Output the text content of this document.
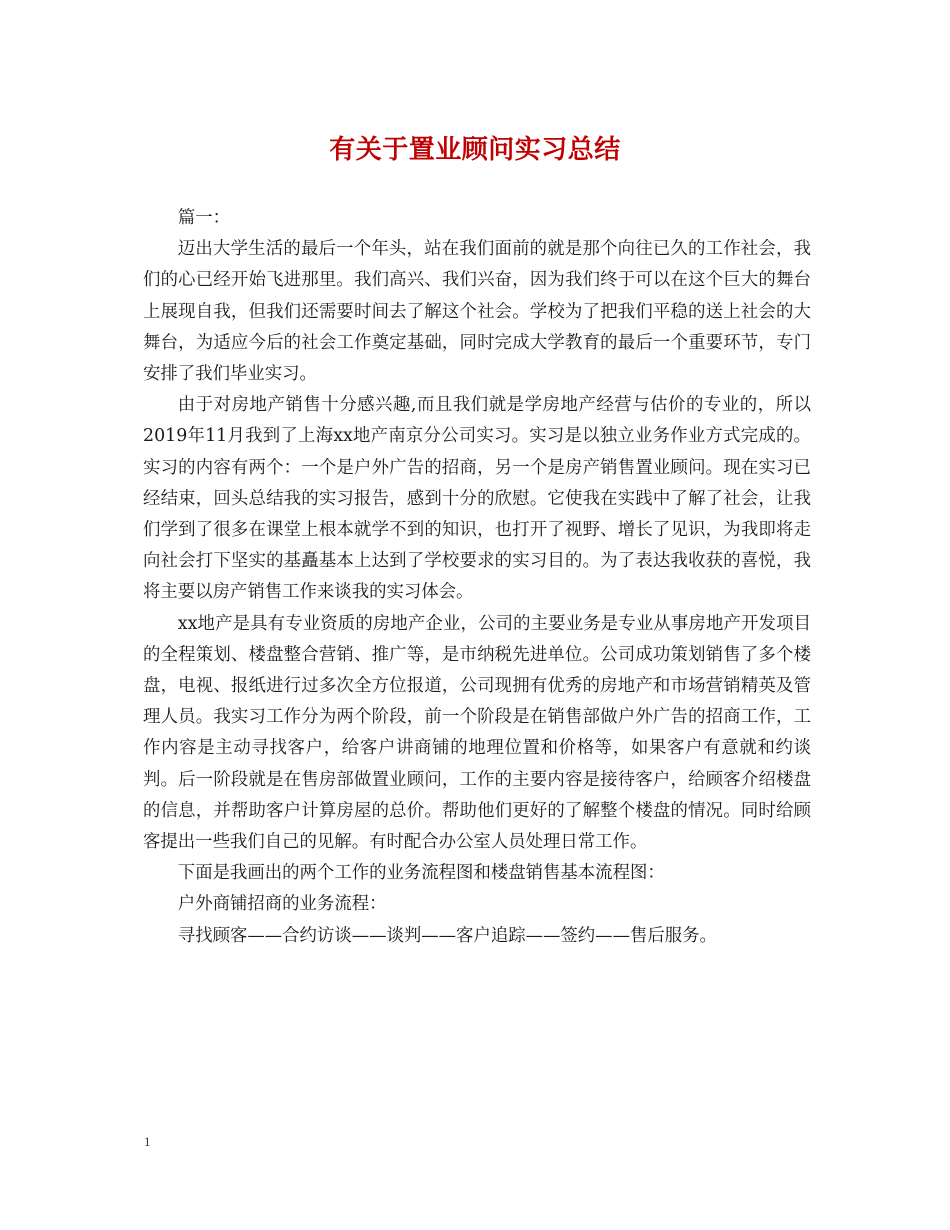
有关于置业顾问实习总结

篇一：

迈出大学生活的最后一个年头，站在我们面前的就是那个向往已久的工作社会，我们的心已经开始飞进那里。我们高兴、我们兴奋，因为我们终于可以在这个巨大的舞台上展现自我，但我们还需要时间去了解这个社会。学校为了把我们平稳的送上社会的大舞台，为适应今后的社会工作奠定基础，同时完成大学教育的最后一个重要环节，专门安排了我们毕业实习。

由于对房地产销售十分感兴趣,而且我们就是学房地产经营与估价的专业的，所以2019年11月我到了上海xx地产南京分公司实习。实习是以独立业务作业方式完成的。实习的内容有两个：一个是户外广告的招商，另一个是房产销售置业顾问。现在实习已经结束，回头总结我的实习报告，感到十分的欣慰。它使我在实践中了解了社会，让我们学到了很多在课堂上根本就学不到的知识，也打开了视野、增长了见识，为我即将走向社会打下坚实的基矗基本上达到了学校要求的实习目的。为了表达我收获的喜悦，我将主要以房产销售工作来谈我的实习体会。

xx地产是具有专业资质的房地产企业，公司的主要业务是专业从事房地产开发项目的全程策划、楼盘整合营销、推广等，是市纳税先进单位。公司成功策划销售了多个楼盘，电视、报纸进行过多次全方位报道，公司现拥有优秀的房地产和市场营销精英及管理人员。我实习工作分为两个阶段，前一个阶段是在销售部做户外广告的招商工作，工作内容是主动寻找客户，给客户讲商铺的地理位置和价格等，如果客户有意就和约谈判。后一阶段就是在售房部做置业顾问，工作的主要内容是接待客户，给顾客介绍楼盘的信息，并帮助客户计算房屋的总价。帮助他们更好的了解整个楼盘的情况。同时给顾客提出一些我们自己的见解。有时配合办公室人员处理日常工作。

下面是我画出的两个工作的业务流程图和楼盘销售基本流程图：

户外商铺招商的业务流程：

寻找顾客——合约访谈——谈判——客户追踪——签约——售后服务。

1
